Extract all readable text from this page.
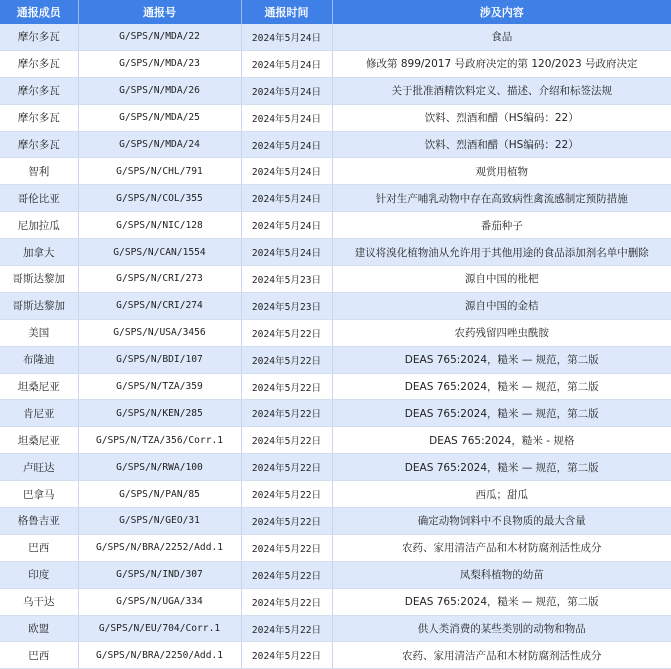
通报成员	通报号	通报时间	涉及内容
摩尔多瓦	G/SPS/N/MDA/22	2024年5月24日	食品
摩尔多瓦	G/SPS/N/MDA/23	2024年5月24日	修改第 899/2017 号政府决定的第 120/2023 号政府决定
摩尔多瓦	G/SPS/N/MDA/26	2024年5月24日	关于批准酒精饮料定义、描述、介绍和标签法规
摩尔多瓦	G/SPS/N/MDA/25	2024年5月24日	饮料、烈酒和醋（HS编码：22）
摩尔多瓦	G/SPS/N/MDA/24	2024年5月24日	饮料、烈酒和醋（HS编码：22）
智利	G/SPS/N/CHL/791	2024年5月24日	观赏用植物
哥伦比亚	G/SPS/N/COL/355	2024年5月24日	针对生产哺乳动物中存在高致病性禽流感制定预防措施
尼加拉瓜	G/SPS/N/NIC/128	2024年5月24日	番茄种子
加拿大	G/SPS/N/CAN/1554	2024年5月24日	建议将溴化植物油从允许用于其他用途的食品添加剂名单中删除
哥斯达黎加	G/SPS/N/CRI/273	2024年5月23日	源自中国的枇杷
哥斯达黎加	G/SPS/N/CRI/274	2024年5月23日	源自中国的金桔
美国	G/SPS/N/USA/3456	2024年5月22日	农药残留四唑虫酰胺
布隆迪	G/SPS/N/BDI/107	2024年5月22日	DEAS 765:2024，糙米 — 规范，第二版
坦桑尼亚	G/SPS/N/TZA/359	2024年5月22日	DEAS 765:2024，糙米 — 规范，第二版
肯尼亚	G/SPS/N/KEN/285	2024年5月22日	DEAS 765:2024，糙米 — 规范，第二版
坦桑尼亚	G/SPS/N/TZA/356/Corr.1	2024年5月22日	DEAS 765:2024，糙米 - 规格
卢旺达	G/SPS/N/RWA/100	2024年5月22日	DEAS 765:2024，糙米 — 规范，第二版
巴拿马	G/SPS/N/PAN/85	2024年5月22日	西瓜；甜瓜
格鲁吉亚	G/SPS/N/GEO/31	2024年5月22日	确定动物饲料中不良物质的最大含量
巴西	G/SPS/N/BRA/2252/Add.1	2024年5月22日	农药、家用清洁产品和木材防腐剂活性成分
印度	G/SPS/N/IND/307	2024年5月22日	凤梨科植物的幼苗
乌干达	G/SPS/N/UGA/334	2024年5月22日	DEAS 765:2024，糙米 — 规范，第二版
欧盟	G/SPS/N/EU/704/Corr.1	2024年5月22日	供人类消费的某些类别的动物和物品
巴西	G/SPS/N/BRA/2250/Add.1	2024年5月22日	农药、家用清洁产品和木材防腐剂活性成分
